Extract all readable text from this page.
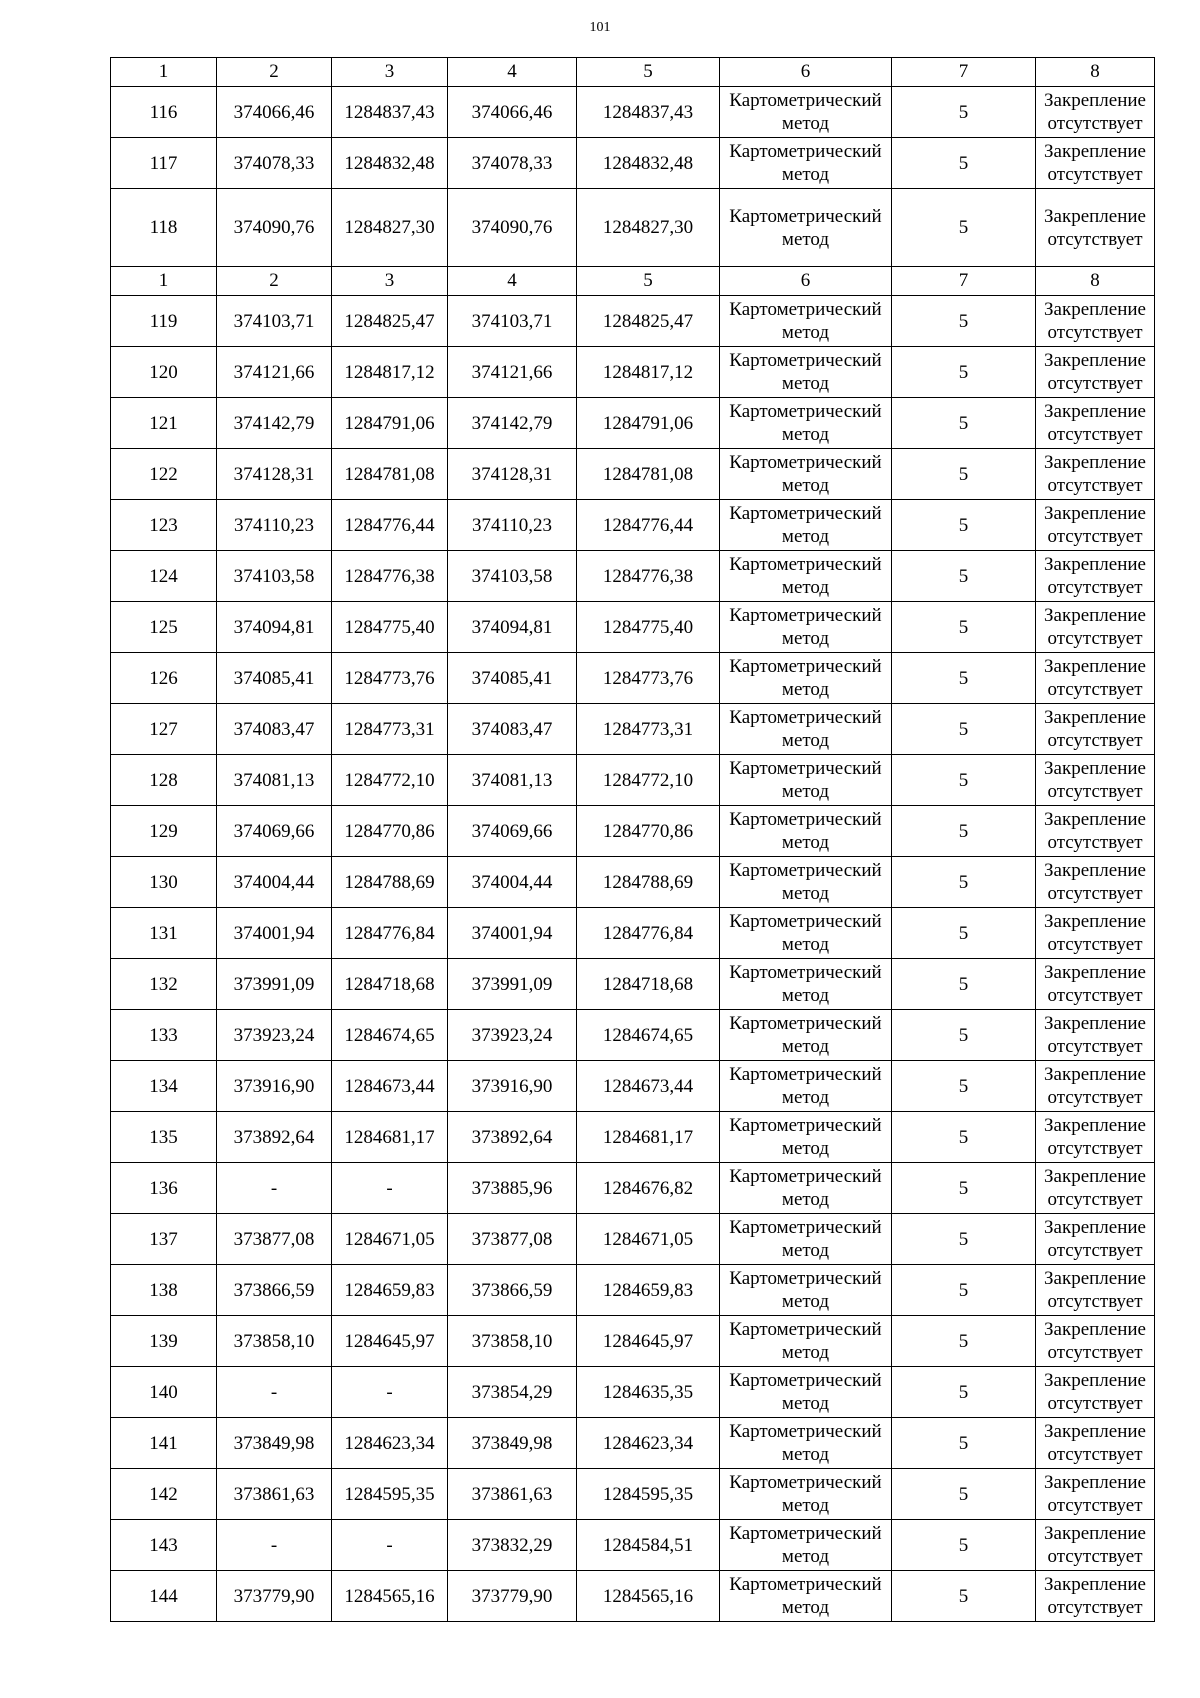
101
1	2	3	4	5	6	7	8
116	374066,46	1284837,43	374066,46	1284837,43	Картометрический метод	5	Закрепление отсутствует
117	374078,33	1284832,48	374078,33	1284832,48	Картометрический метод	5	Закрепление отсутствует
118	374090,76	1284827,30	374090,76	1284827,30	Картометрический метод	5	Закрепление отсутствует
1	2	3	4	5	6	7	8
119	374103,71	1284825,47	374103,71	1284825,47	Картометрический метод	5	Закрепление отсутствует
120	374121,66	1284817,12	374121,66	1284817,12	Картометрический метод	5	Закрепление отсутствует
121	374142,79	1284791,06	374142,79	1284791,06	Картометрический метод	5	Закрепление отсутствует
122	374128,31	1284781,08	374128,31	1284781,08	Картометрический метод	5	Закрепление отсутствует
123	374110,23	1284776,44	374110,23	1284776,44	Картометрический метод	5	Закрепление отсутствует
124	374103,58	1284776,38	374103,58	1284776,38	Картометрический метод	5	Закрепление отсутствует
125	374094,81	1284775,40	374094,81	1284775,40	Картометрический метод	5	Закрепление отсутствует
126	374085,41	1284773,76	374085,41	1284773,76	Картометрический метод	5	Закрепление отсутствует
127	374083,47	1284773,31	374083,47	1284773,31	Картометрический метод	5	Закрепление отсутствует
128	374081,13	1284772,10	374081,13	1284772,10	Картометрический метод	5	Закрепление отсутствует
129	374069,66	1284770,86	374069,66	1284770,86	Картометрический метод	5	Закрепление отсутствует
130	374004,44	1284788,69	374004,44	1284788,69	Картометрический метод	5	Закрепление отсутствует
131	374001,94	1284776,84	374001,94	1284776,84	Картометрический метод	5	Закрепление отсутствует
132	373991,09	1284718,68	373991,09	1284718,68	Картометрический метод	5	Закрепление отсутствует
133	373923,24	1284674,65	373923,24	1284674,65	Картометрический метод	5	Закрепление отсутствует
134	373916,90	1284673,44	373916,90	1284673,44	Картометрический метод	5	Закрепление отсутствует
135	373892,64	1284681,17	373892,64	1284681,17	Картометрический метод	5	Закрепление отсутствует
136	-	-	373885,96	1284676,82	Картометрический метод	5	Закрепление отсутствует
137	373877,08	1284671,05	373877,08	1284671,05	Картометрический метод	5	Закрепление отсутствует
138	373866,59	1284659,83	373866,59	1284659,83	Картометрический метод	5	Закрепление отсутствует
139	373858,10	1284645,97	373858,10	1284645,97	Картометрический метод	5	Закрепление отсутствует
140	-	-	373854,29	1284635,35	Картометрический метод	5	Закрепление отсутствует
141	373849,98	1284623,34	373849,98	1284623,34	Картометрический метод	5	Закрепление отсутствует
142	373861,63	1284595,35	373861,63	1284595,35	Картометрический метод	5	Закрепление отсутствует
143	-	-	373832,29	1284584,51	Картометрический метод	5	Закрепление отсутствует
144	373779,90	1284565,16	373779,90	1284565,16	Картометрический метод	5	Закрепление отсутствует
